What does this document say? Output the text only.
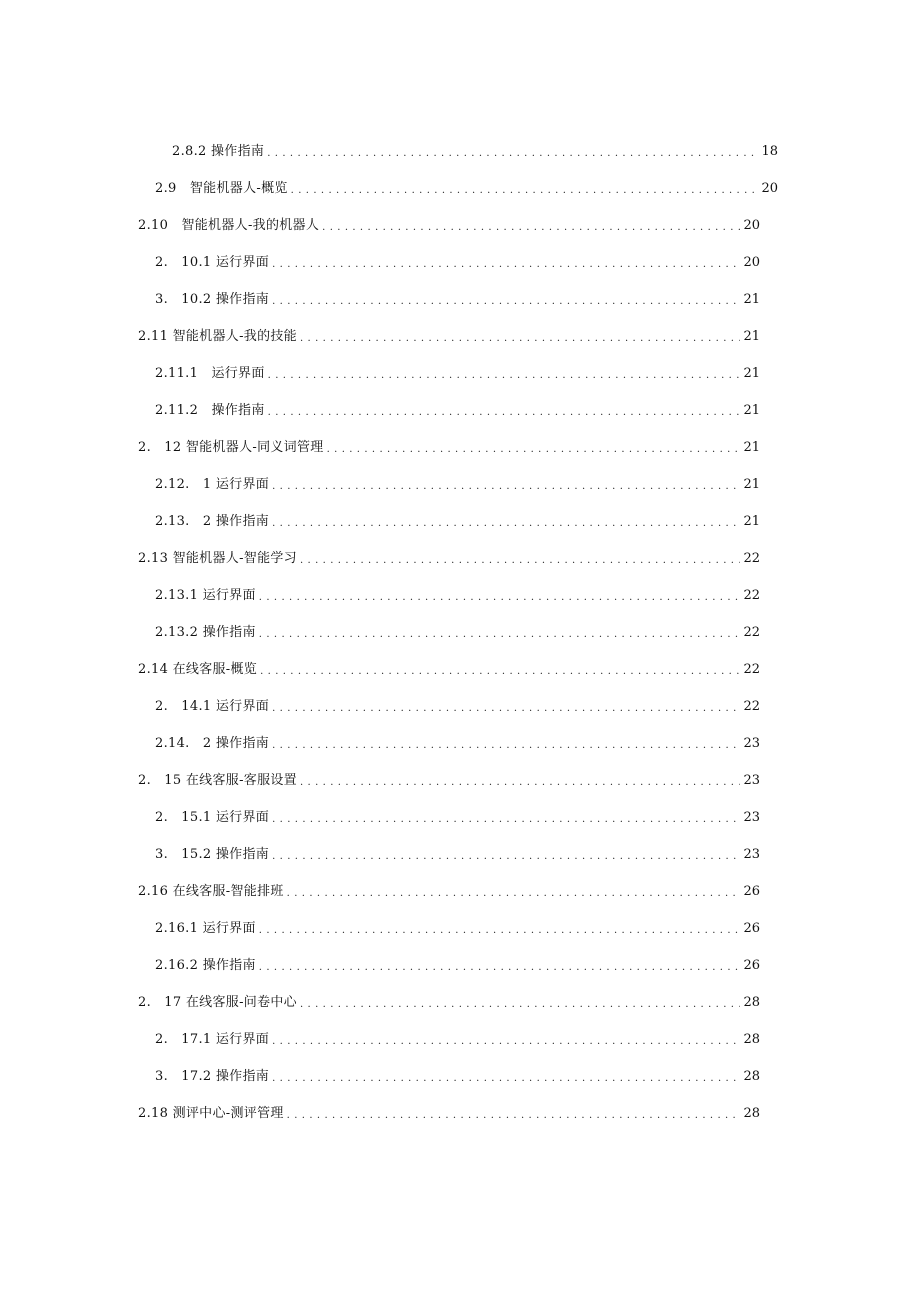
2.8.2 操作指南 . . .	18
2.9　智能机器人-概览 . . .	20
2.10　智能机器人-我的机器人 . . .	20
2.　10.1 运行界面 . . .	20
3.　10.2 操作指南 . . .	21
2.11 智能机器人-我的技能 . . .	21
2.11.1　运行界面 . . .	21
2.11.2　操作指南 . . .	21
2.　12 智能机器人-同义词管理 . . .	21
2.12.　1 运行界面 . . .	21
2.13.　2 操作指南 . . .	21
2.13 智能机器人-智能学习 . . .	22
2.13.1 运行界面 . . .	22
2.13.2 操作指南 . . .	22
2.14 在线客服-概览 . . .	22
2.　14.1 运行界面 . . .	22
2.14.　2 操作指南 . . .	23
2.　15 在线客服-客服设置 . . .	23
2.　15.1 运行界面 . . .	23
3.　15.2 操作指南 . . .	23
2.16 在线客服-智能排班 . . .	26
2.16.1 运行界面 . . .	26
2.16.2 操作指南 . . .	26
2.　17 在线客服-问卷中心 . . .	28
2.　17.1 运行界面 . . .	28
3.　17.2 操作指南 . . .	28
2.18 测评中心-测评管理 . . .	28
